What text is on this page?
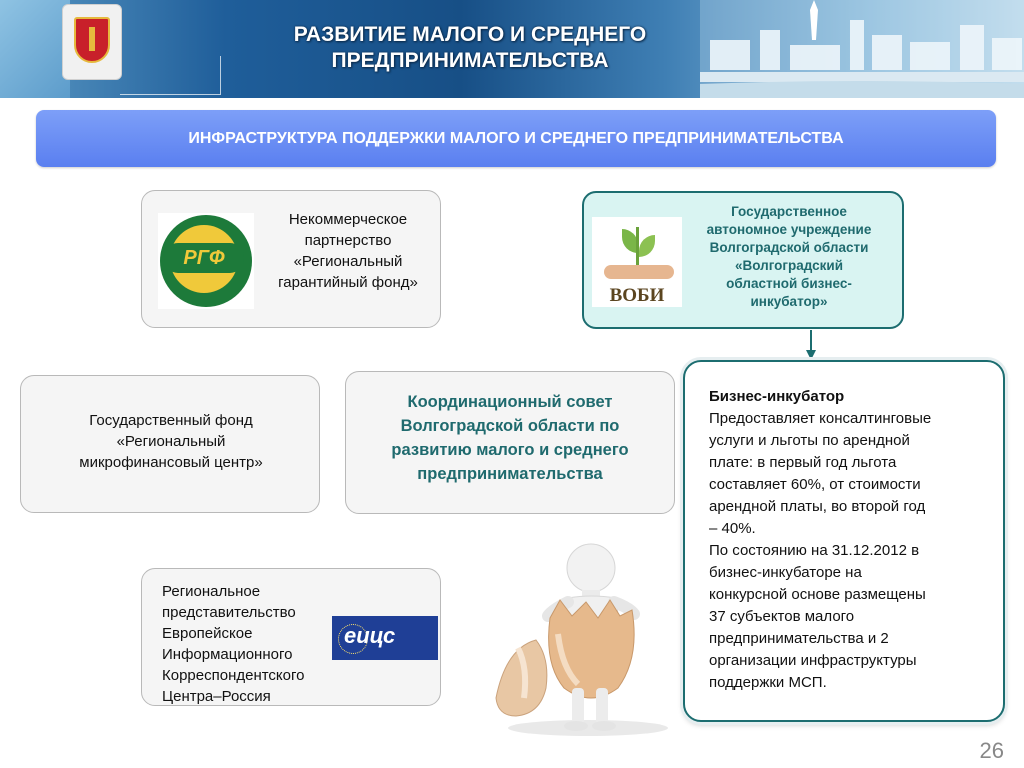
РАЗВИТИЕ МАЛОГО И СРЕДНЕГО
ПРЕДПРИНИМАТЕЛЬСТВА
ИНФРАСТРУКТУРА ПОДДЕРЖКИ МАЛОГО И СРЕДНЕГО ПРЕДПРИНИМАТЕЛЬСТВА
РГФ
Некоммерческое
партнерство
«Региональный
гарантийный фонд»
ВОБИ
Государственное
автономное учреждение
Волгоградской области
«Волгоградский
областной бизнес-
инкубатор»
Государственный фонд
«Региональный
микрофинансовый центр»
Координационный совет
Волгоградской области по
развитию малого и среднего
предпринимательства
Бизнес-инкубатор
Предоставляет консалтинговые
услуги и льготы по арендной
плате: в первый год льгота
составляет 60%, от стоимости
арендной платы, во второй год
– 40%.
По состоянию на 31.12.2012 в
бизнес-инкубаторе на
конкурсной основе размещены
37 субъектов малого
предпринимательства и 2
организации инфраструктуры
поддержки МСП.
Региональное
представительство
Европейское
Информационного
Корреспондентского
Центра–Россия
еицс
26
